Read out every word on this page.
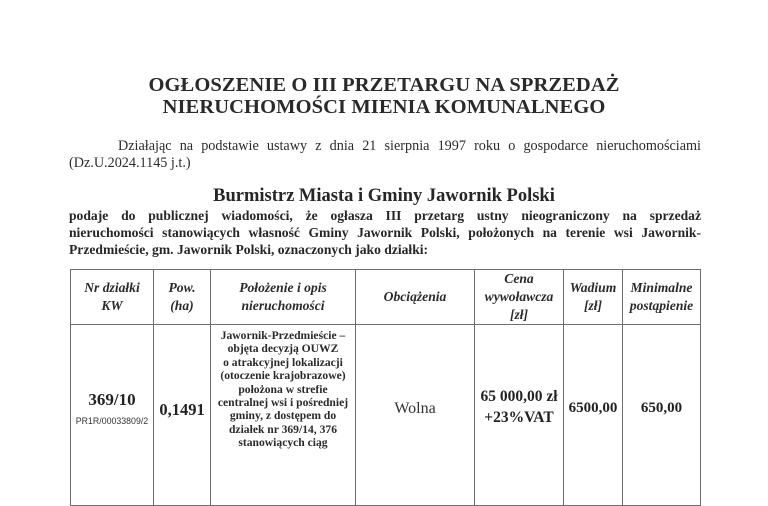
OGŁOSZENIE O III PRZETARGU NA SPRZEDAŻ
NIERUCHOMOŚCI MIENIA KOMUNALNEGO
Działając na podstawie ustawy z dnia 21 sierpnia 1997 roku o gospodarce nieruchomościami
(Dz.U.2024.1145 j.t.)
Burmistrz Miasta i Gminy Jawornik Polski
podaje do publicznej wiadomości, że ogłasza III przetarg ustny nieograniczony na sprzedaż
nieruchomości stanowiących własność Gminy Jawornik Polski, położonych na terenie wsi Jawornik-
Przedmieście, gm. Jawornik Polski, oznaczonych jako działki:
Nr działki
KW

Pow.
(ha)

Położenie i opis
nieruchomości

Obciążenia

Cena
wywoławcza
[zł]

Wadium
[zł]

Minimalne
postąpienie

369/10
PR1R/00033809/2

0,1491

Jawornik-Przedmieście –
objęta decyzją OUWZ
o atrakcyjnej lokalizacji
(otoczenie krajobrazowe)
położona w strefie
centralnej wsi i pośredniej
gminy, z dostępem do
działek nr 369/14, 376
stanowiących ciąg

Wolna

65 000,00 zł
+23%VAT

6500,00	650,00
